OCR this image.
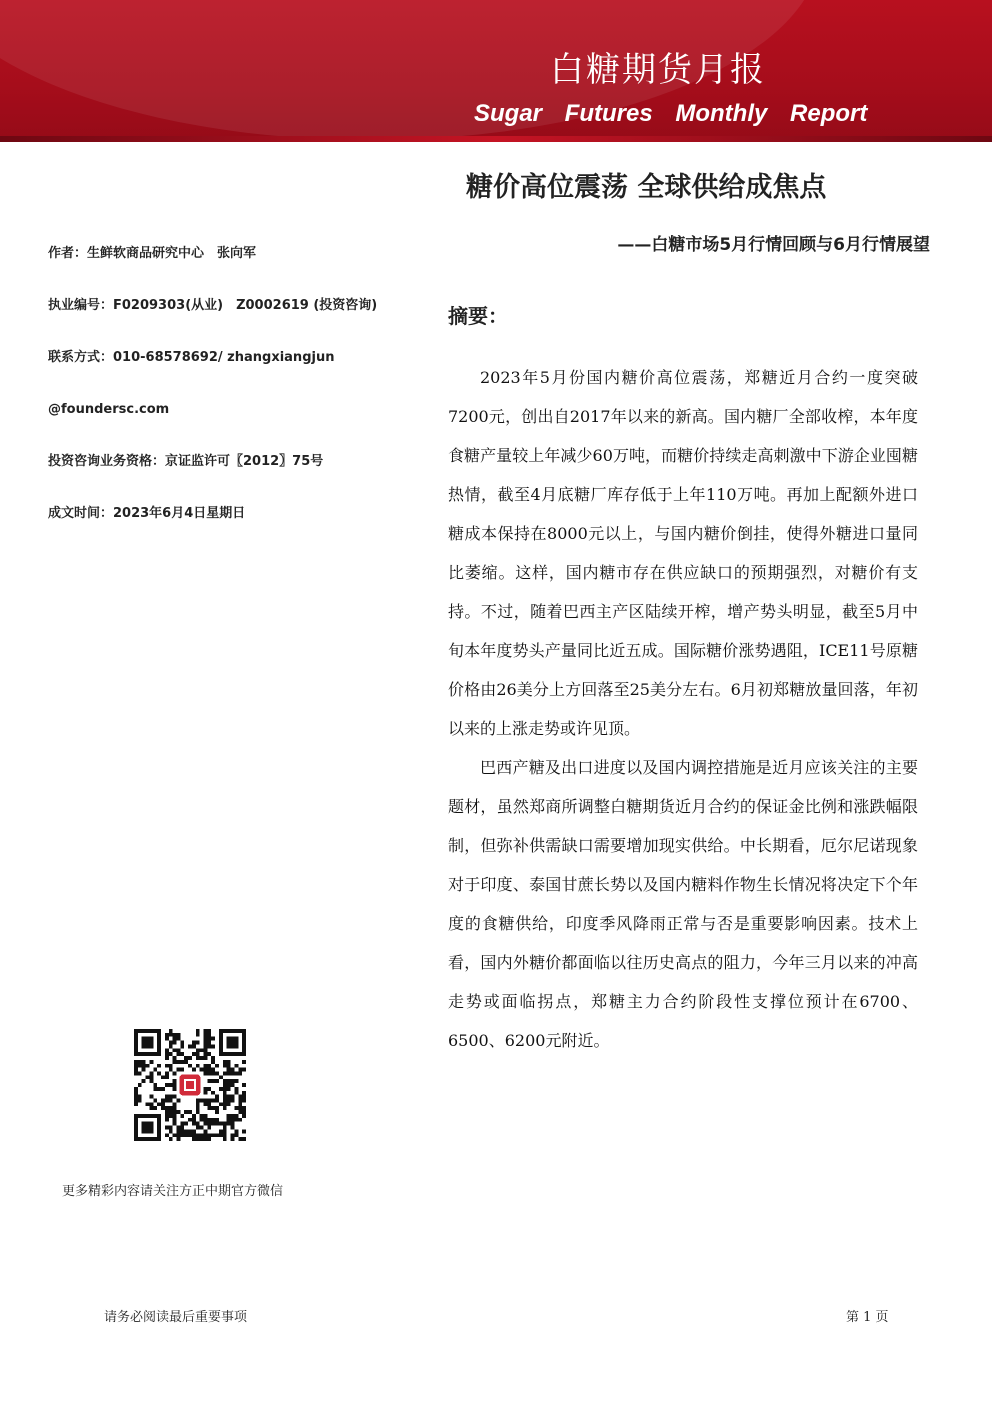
白糖期货月报
Sugar Futures Monthly Report
糖价高位震荡 全球供给成焦点
——白糖市场5月行情回顾与6月行情展望
作者：生鲜软商品研究中心　张向军
执业编号：F0209303(从业)　Z0002619 (投资咨询)
联系方式：010-68578692/ zhangxiangjun
@foundersc.com
投资咨询业务资格：京证监许可〖2012〗75号
成文时间：2023年6月4日星期日
摘要：

2023年5月份国内糖价高位震荡，郑糖近月合约一度突破7200元，创出自2017年以来的新高。国内糖厂全部收榨，本年度食糖产量较上年减少60万吨，而糖价持续走高刺激中下游企业囤糖热情，截至4月底糖厂库存低于上年110万吨。再加上配额外进口糖成本保持在8000元以上，与国内糖价倒挂，使得外糖进口量同比萎缩。这样，国内糖市存在供应缺口的预期强烈，对糖价有支持。不过，随着巴西主产区陆续开榨，增产势头明显，截至5月中旬本年度势头产量同比近五成。国际糖价涨势遇阻，ICE11号原糖价格由26美分上方回落至25美分左右。6月初郑糖放量回落，年初以来的上涨走势或许见顶。

巴西产糖及出口进度以及国内调控措施是近月应该关注的主要题材，虽然郑商所调整白糖期货近月合约的保证金比例和涨跌幅限制，但弥补供需缺口需要增加现实供给。中长期看，厄尔尼诺现象对于印度、泰国甘蔗长势以及国内糖料作物生长情况将决定下个年度的食糖供给，印度季风降雨正常与否是重要影响因素。技术上看，国内外糖价都面临以往历史高点的阻力，今年三月以来的冲高走势或面临拐点，郑糖主力合约阶段性支撑位预计在6700、6500、6200元附近。

更多精彩内容请关注方正中期官方微信
请务必阅读最后重要事项	第 1 页
